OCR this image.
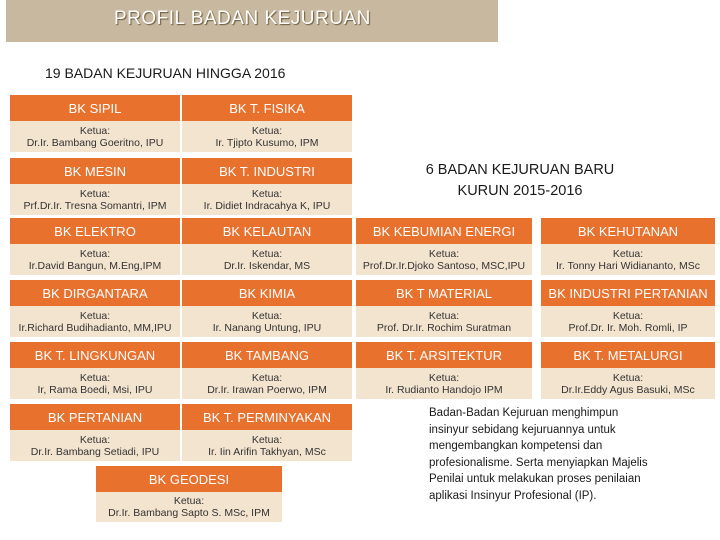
PROFIL BADAN KEJURUAN
19 BADAN KEJURUAN HINGGA 2016
6 BADAN KEJURUAN BARU
KURUN 2015-2016
BK SIPIL
Ketua:
Dr.Ir. Bambang Goeritno, IPU
BK T. FISIKA
Ketua:
Ir. Tjipto Kusumo, IPM
BK MESIN
Ketua:
Prf.Dr.Ir. Tresna Somantri, IPM
BK T. INDUSTRI
Ketua:
Ir. Didiet Indracahya K, IPU
BK ELEKTRO
Ketua:
Ir.David Bangun, M.Eng,IPM
BK KELAUTAN
Ketua:
Dr.Ir. Iskendar, MS
BK KEBUMIAN ENERGI
Ketua:
Prof.Dr.Ir.Djoko Santoso, MSC,IPU
BK KEHUTANAN
Ketua:
Ir. Tonny Hari Widiananto, MSc
BK DIRGANTARA
Ketua:
Ir.Richard Budihadianto, MM,IPU
BK KIMIA
Ketua:
Ir. Nanang Untung, IPU
BK T MATERIAL
Ketua:
Prof. Dr.Ir. Rochim Suratman
BK INDUSTRI PERTANIAN
Ketua:
Prof.Dr. Ir. Moh. Romli, IP
BK T. LINGKUNGAN
Ketua:
Ir, Rama Boedi, Msi, IPU
BK TAMBANG
Ketua:
Dr.Ir. Irawan Poerwo, IPM
BK T. ARSITEKTUR
Ketua:
Ir. Rudianto Handojo IPM
BK T. METALURGI
Ketua:
Dr.Ir.Eddy Agus Basuki, MSc
BK PERTANIAN
Ketua:
Dr.Ir. Bambang Setiadi, IPU
BK T. PERMINYAKAN
Ketua:
Ir. Iin Arifin Takhyan, MSc
BK GEODESI
Ketua:
Dr.Ir. Bambang Sapto S. MSc, IPM
Badan-Badan Kejuruan menghimpun insinyur sebidang kejuruannya untuk mengembangkan kompetensi dan profesionalisme. Serta menyiapkan Majelis Penilai untuk melakukan proses penilaian aplikasi Insinyur Profesional (IP).
